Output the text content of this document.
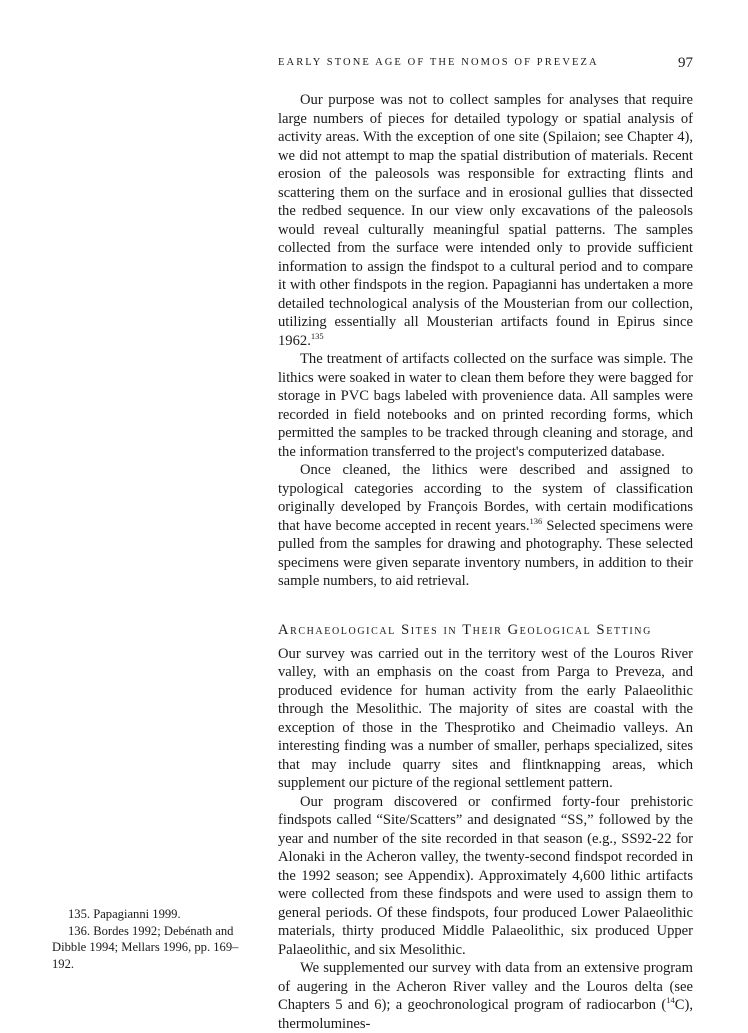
EARLY STONE AGE OF THE NOMOS OF PREVEZA	97

Our purpose was not to collect samples for analyses that require large numbers of pieces for detailed typology or spatial analysis of activity areas. With the exception of one site (Spilaion; see Chapter 4), we did not attempt to map the spatial distribution of materials. Recent erosion of the paleosols was responsible for extracting flints and scattering them on the surface and in erosional gullies that dissected the redbed sequence. In our view only excavations of the paleosols would reveal culturally meaningful spatial patterns. The samples collected from the surface were intended only to provide sufficient information to assign the findspot to a cultural period and to compare it with other findspots in the region. Papagianni has undertaken a more detailed technological analysis of the Mousterian from our collection, utilizing essentially all Mousterian artifacts found in Epirus since 1962.$^{135}$

The treatment of artifacts collected on the surface was simple. The lithics were soaked in water to clean them before they were bagged for storage in PVC bags labeled with provenience data. All samples were recorded in field notebooks and on printed recording forms, which permitted the samples to be tracked through cleaning and storage, and the information transferred to the project's computerized database.

Once cleaned, the lithics were described and assigned to typological categories according to the system of classification originally developed by François Bordes, with certain modifications that have become accepted in recent years.$^{136}$ Selected specimens were pulled from the samples for drawing and photography. These selected specimens were given separate inventory numbers, in addition to their sample numbers, to aid retrieval.

Archaeological Sites in Their Geological Setting

Our survey was carried out in the territory west of the Louros River valley, with an emphasis on the coast from Parga to Preveza, and produced evidence for human activity from the early Palaeolithic through the Mesolithic. The majority of sites are coastal with the exception of those in the Thesprotiko and Cheimadio valleys. An interesting finding was a number of smaller, perhaps specialized, sites that may include quarry sites and flintknapping areas, which supplement our picture of the regional settlement pattern.

Our program discovered or confirmed forty-four prehistoric findspots called “Site/Scatters” and designated “SS,” followed by the year and number of the site recorded in that season (e.g., SS92-22 for Alonaki in the Acheron valley, the twenty-second findspot recorded in the 1992 season; see Appendix). Approximately 4,600 lithic artifacts were collected from these findspots and were used to assign them to general periods. Of these findspots, four produced Lower Palaeolithic materials, thirty produced Middle Palaeolithic, six produced Upper Palaeolithic, and six Mesolithic.

We supplemented our survey with data from an extensive program of augering in the Acheron River valley and the Louros delta (see Chapters 5 and 6); a geochronological program of radiocarbon ($^{14}$C), thermolumines-

135. Papagianni 1999.
136. Bordes 1992; Debénath and Dibble 1994; Mellars 1996, pp. 169–192.
